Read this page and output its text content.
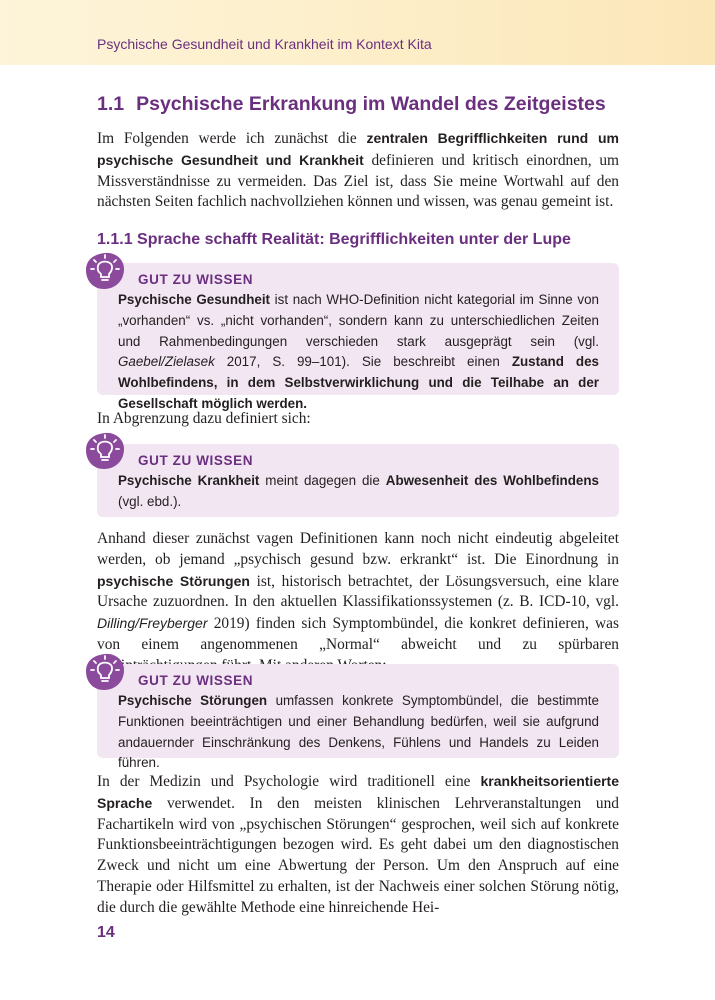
Psychische Gesundheit und Krankheit im Kontext Kita
1.1 Psychische Erkrankung im Wandel des Zeitgeistes

Im Folgenden werde ich zunächst die zentralen Begrifflichkeiten rund um psychische Gesundheit und Krankheit definieren und kritisch einordnen, um Missverständnisse zu vermeiden. Das Ziel ist, dass Sie meine Wortwahl auf den nächsten Seiten fachlich nachvollziehen können und wissen, was genau gemeint ist.

1.1.1 Sprache schafft Realität: Begrifflichkeiten unter der Lupe
GUT ZU WISSEN
Psychische Gesundheit ist nach WHO-Definition nicht kategorial im Sinne von „vorhanden“ vs. „nicht vorhanden“, sondern kann zu unterschiedlichen Zeiten und Rahmenbedingungen verschieden stark ausgeprägt sein (vgl. Gaebel/Zielasek 2017, S. 99–101). Sie beschreibt einen Zustand des Wohlbefindens, in dem Selbstverwirklichung und die Teilhabe an der Gesellschaft möglich werden.

In Abgrenzung dazu definiert sich:

GUT ZU WISSEN
Psychische Krankheit meint dagegen die Abwesenheit des Wohlbefindens (vgl. ebd.).

Anhand dieser zunächst vagen Definitionen kann noch nicht eindeutig abgeleitet werden, ob jemand „psychisch gesund bzw. erkrankt“ ist. Die Einordnung in psychische Störungen ist, historisch betrachtet, der Lösungsversuch, eine klare Ursache zuzuordnen. In den aktuellen Klassifikationssystemen (z. B. ICD-10, vgl. Dilling/Freyberger 2019) finden sich Symptombündel, die konkret definieren, was von einem angenommenen „Normal“ abweicht und zu spürbaren

GUT ZU WISSEN
Psychische Störungen umfassen konkrete Symptombündel, die bestimmte Funktionen beeinträchtigen und einer Behandlung bedürfen, weil sie aufgrund andauernder Einschränkung des Denkens, Fühlens und Handels zu Leiden führen.

In der Medizin und Psychologie wird traditionell eine krankheitsorientierte Sprache verwendet. In den meisten klinischen Lehrveranstaltungen und Fachartikeln wird von „psychischen Störungen“ gesprochen, weil sich auf konkrete Funktionsbeeinträchtigungen bezogen wird. Es geht dabei um den diagnostischen Zweck und nicht um eine Abwertung der Person. Um den Anspruch auf eine Therapie oder Hilfsmittel zu erhalten, ist der Nachweis einer solchen Störung nötig, die durch die gewählte Methode eine hinreichende Hei-

14
